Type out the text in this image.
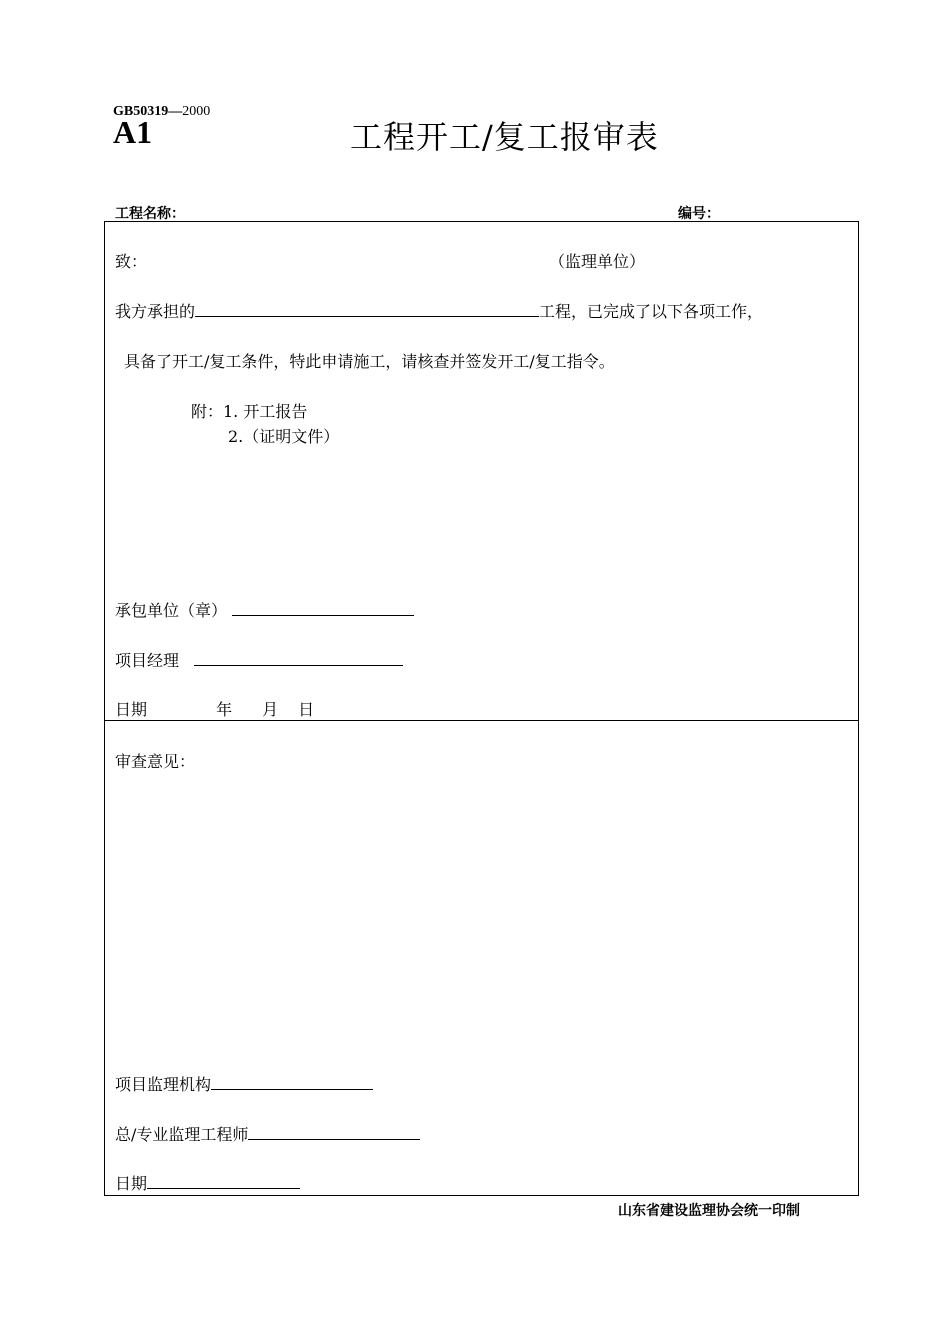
GB50319—2000
A1	工程开工/复工报审表
工程名称：	编号：
致：	（监理单位）
我方承担的	工程，已完成了以下各项工作，
具备了开工/复工条件，特此申请施工，请核查并签发开工/复工指令。
附：1. 开工报告
2.（证明文件）
承包单位（章）
项目经理
日期	年 月 日
审查意见：
项目监理机构
总/专业监理工程师
日期
山东省建设监理协会统一印制
